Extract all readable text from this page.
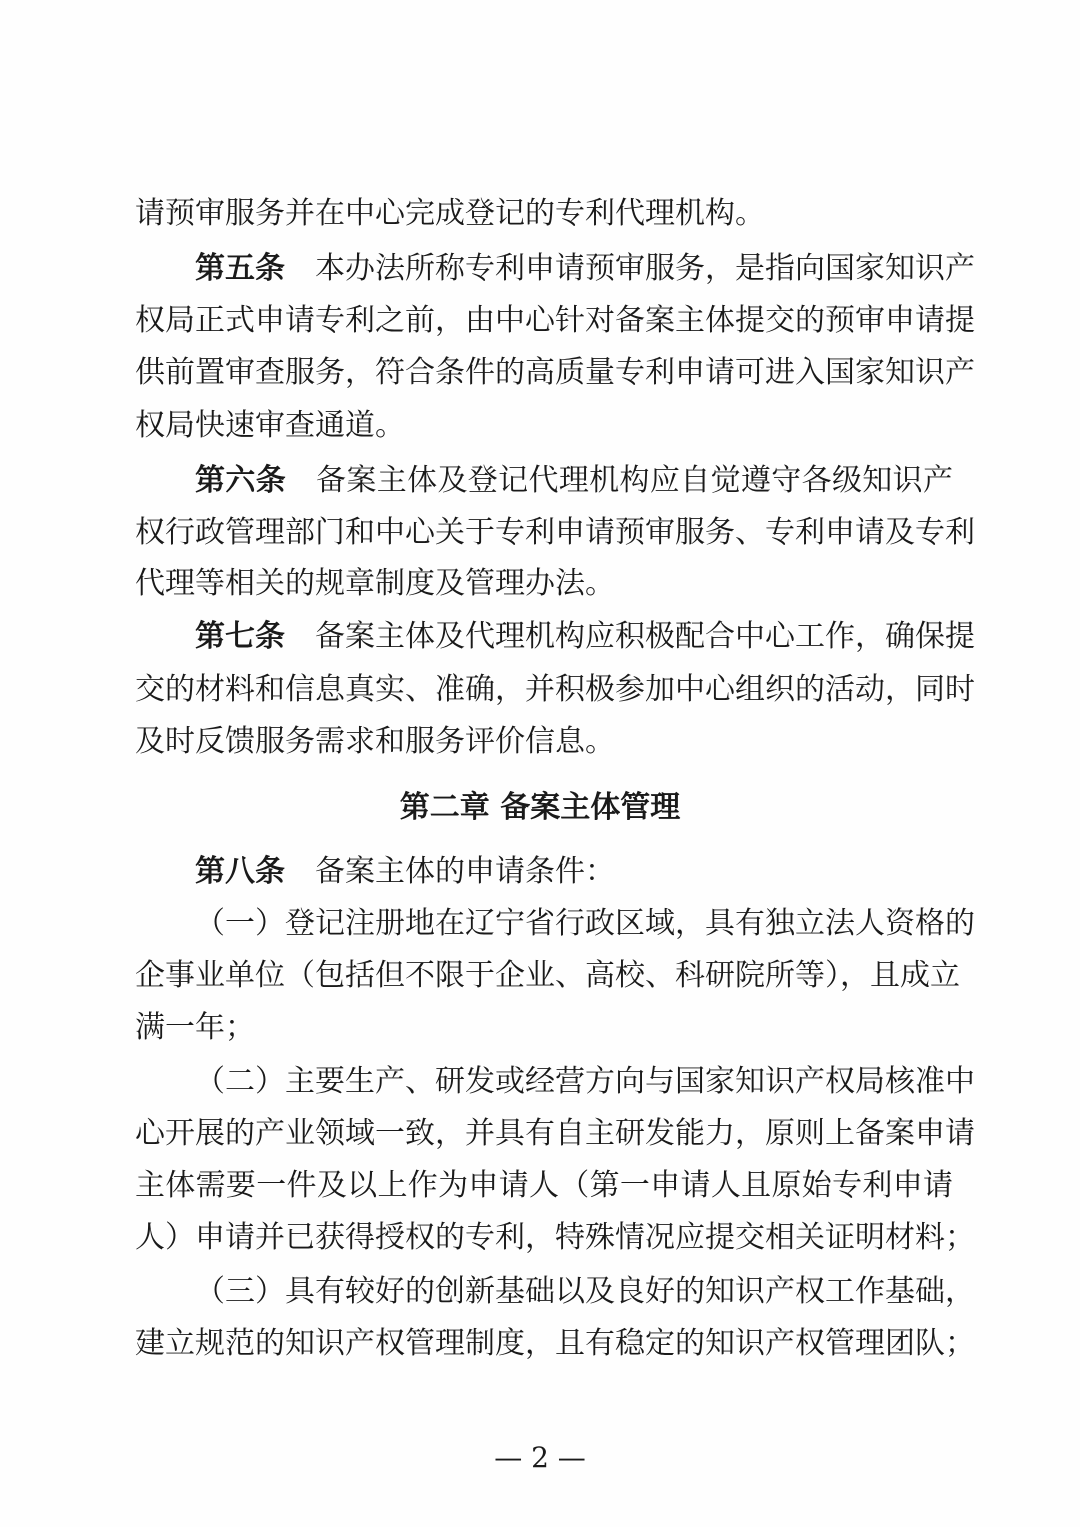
请预审服务并在中心完成登记的专利代理机构。
第五条 本办法所称专利申请预审服务，是指向国家知识产
权局正式申请专利之前，由中心针对备案主体提交的预审申请提
供前置审查服务，符合条件的高质量专利申请可进入国家知识产
权局快速审查通道。
第六条 备案主体及登记代理机构应自觉遵守各级知识产
权行政管理部门和中心关于专利申请预审服务、专利申请及专利
代理等相关的规章制度及管理办法。
第七条 备案主体及代理机构应积极配合中心工作，确保提
交的材料和信息真实、准确，并积极参加中心组织的活动，同时
及时反馈服务需求和服务评价信息。
第二章 备案主体管理
第八条 备案主体的申请条件：
（一）登记注册地在辽宁省行政区域，具有独立法人资格的
企事业单位（包括但不限于企业、高校、科研院所等），且成立
满一年；
（二）主要生产、研发或经营方向与国家知识产权局核准中
心开展的产业领域一致，并具有自主研发能力，原则上备案申请
主体需要一件及以上作为申请人（第一申请人且原始专利申请
人）申请并已获得授权的专利，特殊情况应提交相关证明材料；
（三）具有较好的创新基础以及良好的知识产权工作基础，
建立规范的知识产权管理制度，且有稳定的知识产权管理团队；
— 2 —
